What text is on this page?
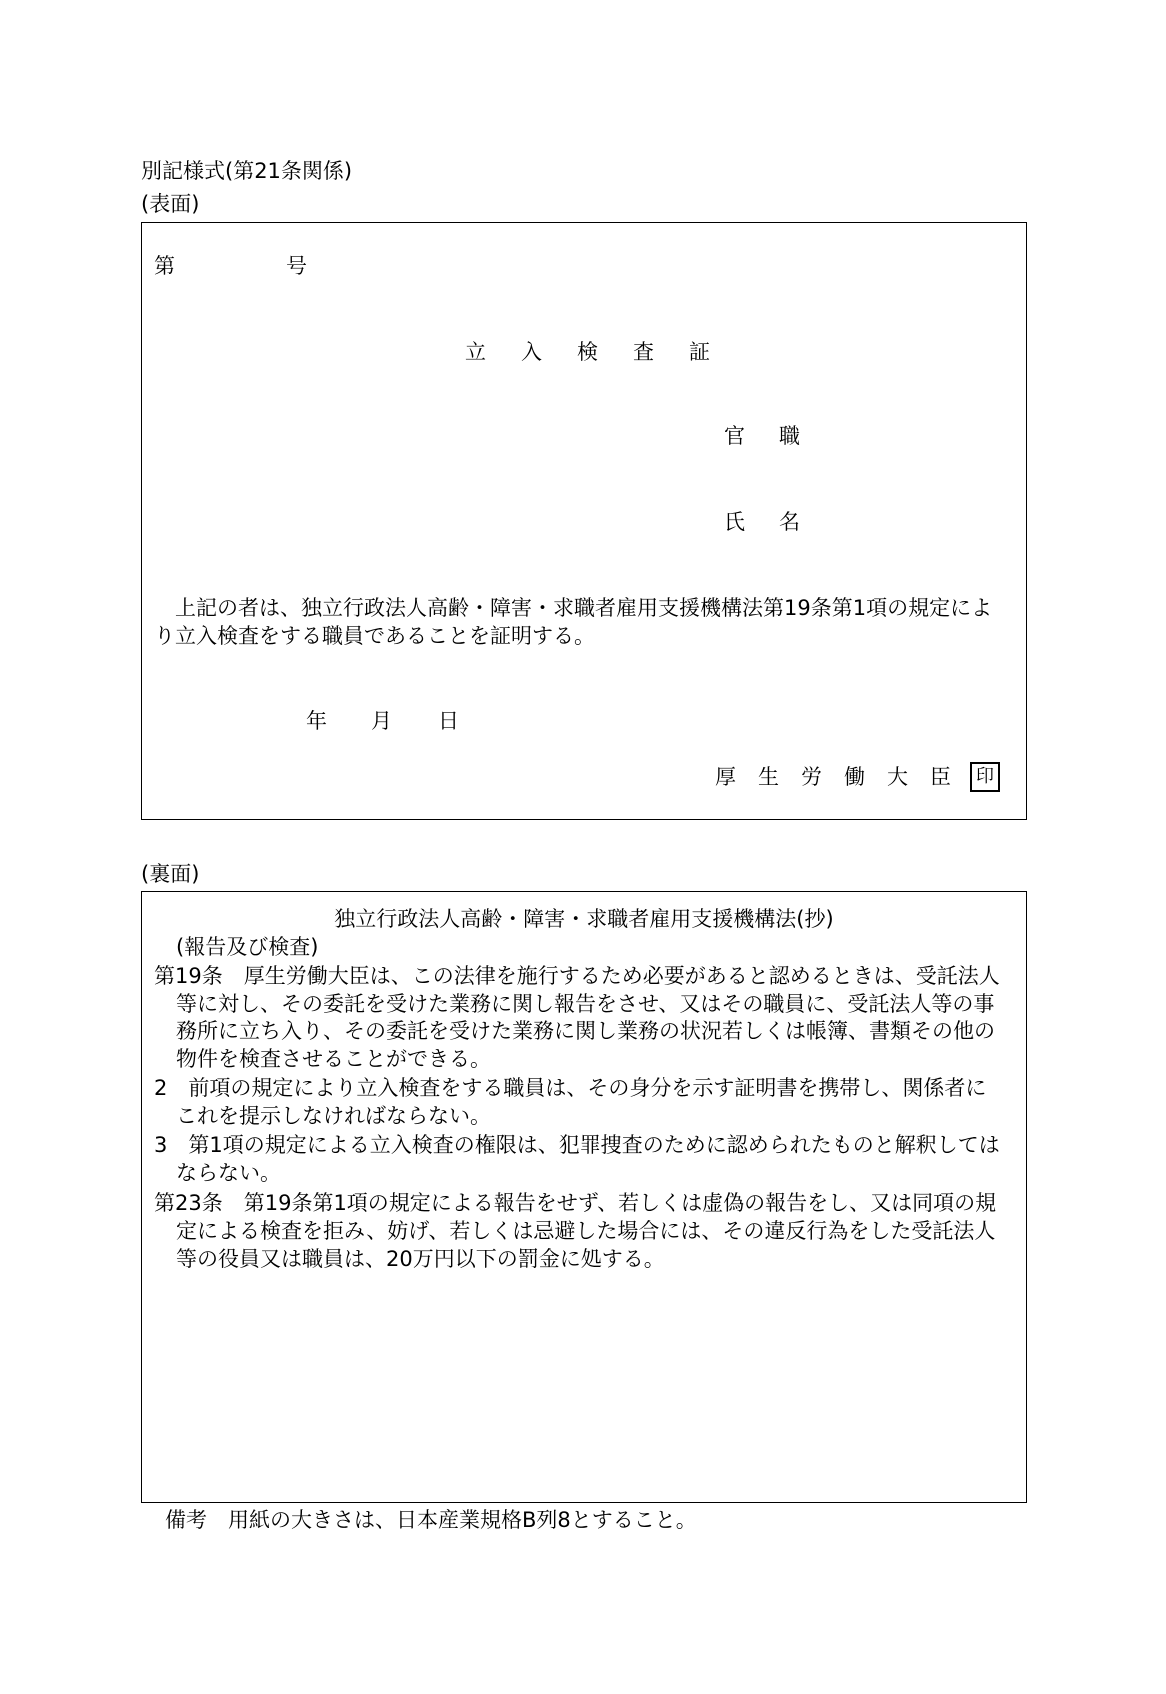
別記様式(第21条関係)
(表面)
第	号
立 入 検 査 証
官 職
氏 名
上記の者は、独立行政法人高齢・障害・求職者雇用支援機構法第19条第1項の規定によ
り立入検査をする職員であることを証明する。
年 月 日
厚 生 労 働 大 臣	印
(裏面)
独立行政法人高齢・障害・求職者雇用支援機構法(抄)
(報告及び検査)
第19条　厚生労働大臣は、この法律を施行するため必要があると認めるときは、受託法人
等に対し、その委託を受けた業務に関し報告をさせ、又はその職員に、受託法人等の事
務所に立ち入り、その委託を受けた業務に関し業務の状況若しくは帳簿、書類その他の
物件を検査させることができる。
2　前項の規定により立入検査をする職員は、その身分を示す証明書を携帯し、関係者に
これを提示しなければならない。
3　第1項の規定による立入検査の権限は、犯罪捜査のために認められたものと解釈しては
ならない。
第23条　第19条第1項の規定による報告をせず、若しくは虚偽の報告をし、又は同項の規
定による検査を拒み、妨げ、若しくは忌避した場合には、その違反行為をした受託法人
等の役員又は職員は、20万円以下の罰金に処する。
備考　用紙の大きさは、日本産業規格B列8とすること。
